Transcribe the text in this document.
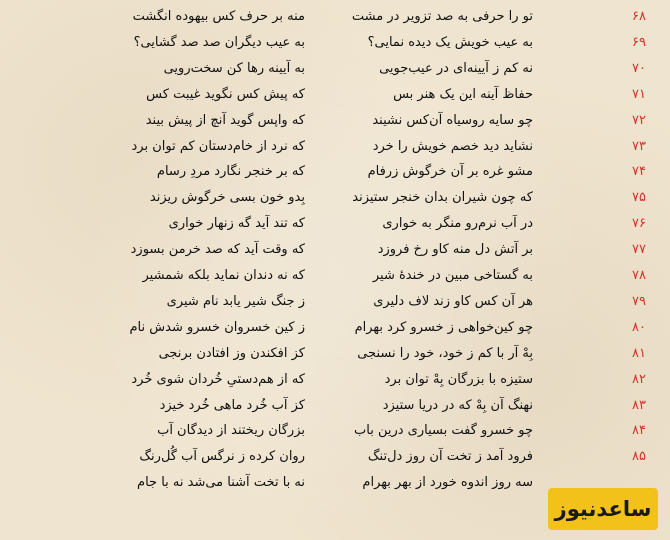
۶۸
تو را حرفی به صد تزویر در مشت
منه بر حرف کس بیهوده انگشت
۶۹
به عیب خویش یک دیده نمایی؟
به عیب دیگران صد صد گشایی؟
۷۰
نه کم ز آیینه‌ای در عیب‌جویی
به آیینه رها کن سخت‌رویی
۷۱
حفاظ آینه این یک هنر بس
که پیش کس نگوید غیبت کس
۷۲
چو سایه روسیاه آن‌کس نشیند
که واپس گوید آنچ از پیش بیند
۷۳
نشاید دید خصم خویش را خرد
که نرد از خام‌دستان کم توان برد
۷۴
مشو غره بر آن خرگوش زرفام
که بر خنجر نگارد مردِ رسام
۷۵
که چون شیران بدان خنجر ستیزند
بِدو خون بسی خرگوش ریزند
۷۶
در آب نرم‌رو منگر به خواری
که تند آید گه زنهار خواری
۷۷
بر آتش دل منه کاو رخ فروزد
که وقت آید که صد خرمن بسوزد
۷۸
به گستاخی مبین در خندهٔ شیر
که نه دندان نماید بلکه شمشیر
۷۹
هر آن کس کاو زند لاف دلیری
ز جنگ شیر یابد نام شیری
۸۰
چو کین‌خواهی ز خسرو کرد بهرام
ز کین خسروان خسرو شدش نام
۸۱
بِهْ آر با کم ز خود، خود را نسنجی
کز افکندن وز افتادن برنجی
۸۲
ستیزه با بزرگان بِهْ توان برد
که از هم‌دستیِ خُردان شوی خُرد
۸۳
نهنگ آن بِهْ که در دریا ستیزد
کز آب خُرد ماهی خُرد خیزد
۸۴
چو خسرو گفت بسیاری درین باب
بزرگان ریختند از دیدگان آب
۸۵
فرود آمد ز تخت آن روز دل‌تنگ
روان کرده ز نرگس آب گُل‌رنگ
سه روز اندوه خورد از بهر بهرام
نه با تخت آشنا می‌شد نه با جام
ساعدنیوز
